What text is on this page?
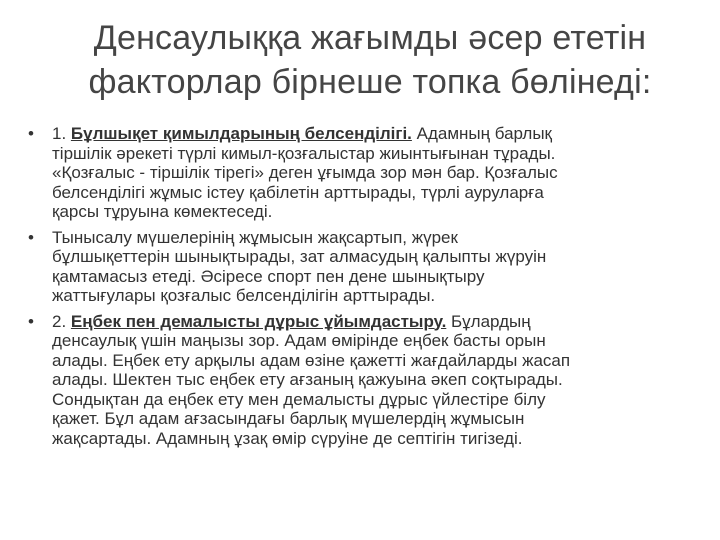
Денсаулыққа жағымды әсер ететін
факторлар бірнеше топка бөлінеді:
•	1. Бұлшықет қимылдарының белсенділігі. Адамның барлық
тіршілік әрекеті түрлі кимыл-қозғалыстар жиынтығынан тұрады.
«Қозғалыс - тіршілік тірегі» деген ұғымда зор мән бар. Қозғалыс
белсенділігі жұмыс істеу қабілетін арттырады, түрлі ауруларға
қарсы тұруына көмектеседі.
•	Тынысалу мүшелерінің жұмысын жақсартып, жүрек
бұлшықеттерін шынықтырады, зат алмасудың қалыпты жүруін
қамтамасыз етеді. Әсіресе спорт пен дене шынықтыру
жаттығулары қозғалыс белсенділігін арттырады.
•	2. Еңбек пен демалысты дұрыс ұйымдастыру. Бұлардың
денсаулық үшін маңызы зор. Адам өмірінде еңбек басты орын
алады. Еңбек ету арқылы адам өзіне қажетті жағдайларды жасап
алады. Шектен тыс еңбек ету ағзаның қажуына әкеп соқтырады.
Сондықтан да еңбек ету мен демалысты дұрыс үйлестіре білу
қажет. Бұл адам ағзасындағы барлық мүшелердің жұмысын
жақсартады. Адамның ұзақ өмір сүруіне де септігін тигізеді.
